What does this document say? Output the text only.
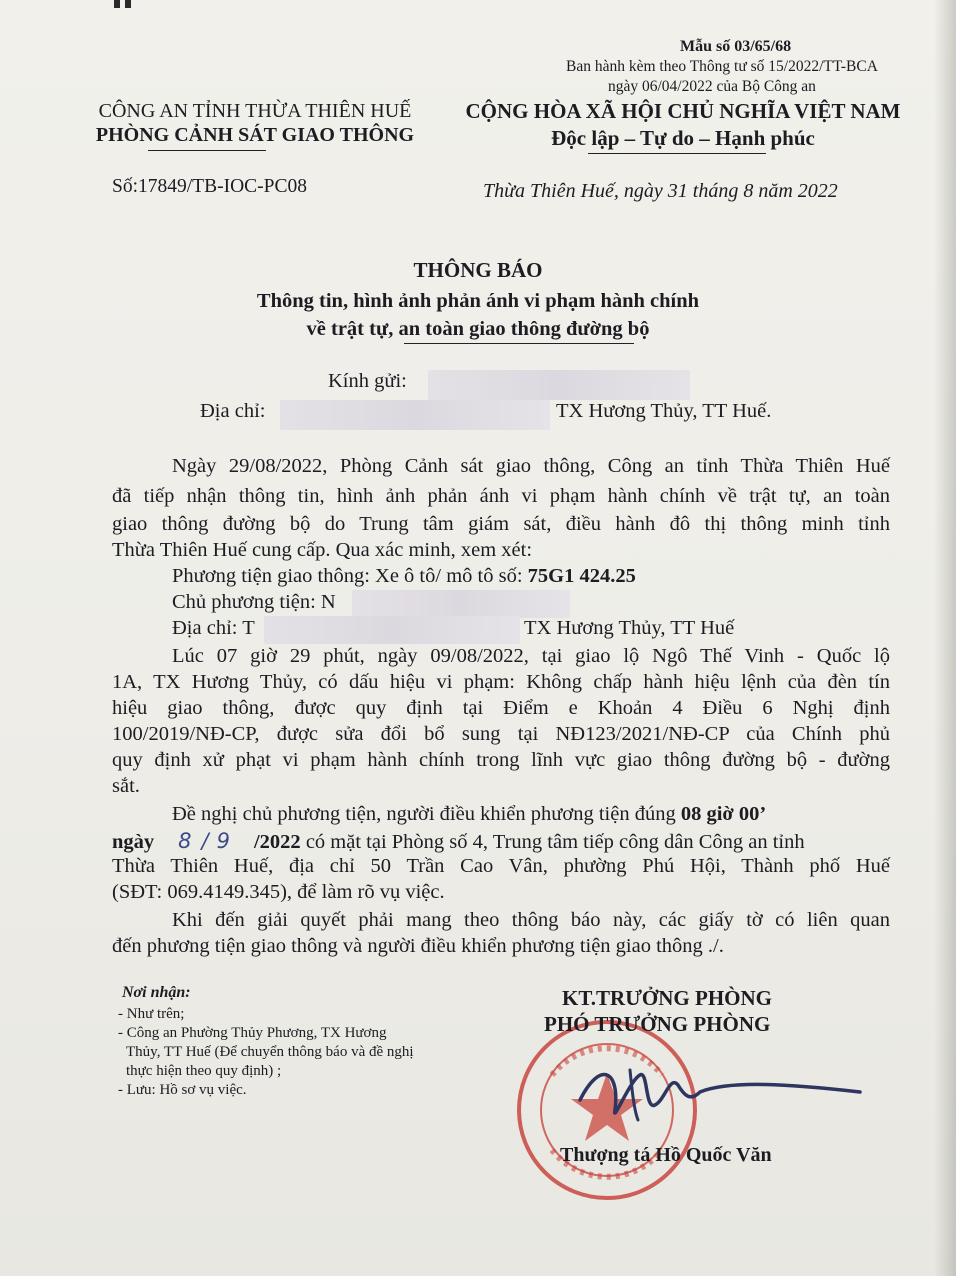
Mẫu số 03/65/68
Ban hành kèm theo Thông tư số 15/2022/TT-BCA
ngày 06/04/2022 của Bộ Công an
CÔNG AN TỈNH THỪA THIÊN HUẾ
PHÒNG CẢNH SÁT GIAO THÔNG
Số:17849/TB-IOC-PC08
CỘNG HÒA XÃ HỘI CHỦ NGHĨA VIỆT NAM
Độc lập – Tự do – Hạnh phúc
Thừa Thiên Huế, ngày 31 tháng 8 năm 2022
THÔNG BÁO
Thông tin, hình ảnh phản ánh vi phạm hành chính
về trật tự, an toàn giao thông đường bộ
Kính gửi:
Địa chỉ:	TX Hương Thủy, TT Huế.
Ngày 29/08/2022, Phòng Cảnh sát giao thông, Công an tỉnh Thừa Thiên Huế
đã tiếp nhận thông tin, hình ảnh phản ánh vi phạm hành chính về trật tự, an toàn
giao thông đường bộ do Trung tâm giám sát, điều hành đô thị thông minh tỉnh
Thừa Thiên Huế cung cấp. Qua xác minh, xem xét:
Phương tiện giao thông: Xe ô tô/ mô tô số: 75G1 424.25
Chủ phương tiện: N
Địa chỉ: T	TX Hương Thủy, TT Huế
Lúc 07 giờ 29 phút, ngày 09/08/2022, tại giao lộ Ngô Thế Vinh - Quốc lộ
1A, TX Hương Thủy, có dấu hiệu vi phạm: Không chấp hành hiệu lệnh của đèn tín
hiệu giao thông, được quy định tại Điểm e Khoản 4 Điều 6 Nghị định
100/2019/NĐ-CP, được sửa đổi bổ sung tại NĐ123/2021/NĐ-CP của Chính phủ
quy định xử phạt vi phạm hành chính trong lĩnh vực giao thông đường bộ - đường
sắt.
Đề nghị chủ phương tiện, người điều khiển phương tiện đúng 08 giờ 00’
ngày 8 / 9 /2022 có mặt tại Phòng số 4, Trung tâm tiếp công dân Công an tỉnh
Thừa Thiên Huế, địa chỉ 50 Trần Cao Vân, phường Phú Hội, Thành phố Huế
(SĐT: 069.4149.345), để làm rõ vụ việc.
Khi đến giải quyết phải mang theo thông báo này, các giấy tờ có liên quan
đến phương tiện giao thông và người điều khiển phương tiện giao thông ./.
Nơi nhận:
- Như trên;
- Công an Phường Thủy Phương, TX Hương
Thủy, TT Huế (Để chuyển thông báo và đề nghị
thực hiện theo quy định) ;
- Lưu: Hồ sơ vụ việc.
KT.TRƯỞNG PHÒNG
PHÓ TRƯỞNG PHÒNG
Thượng tá Hồ Quốc Văn
